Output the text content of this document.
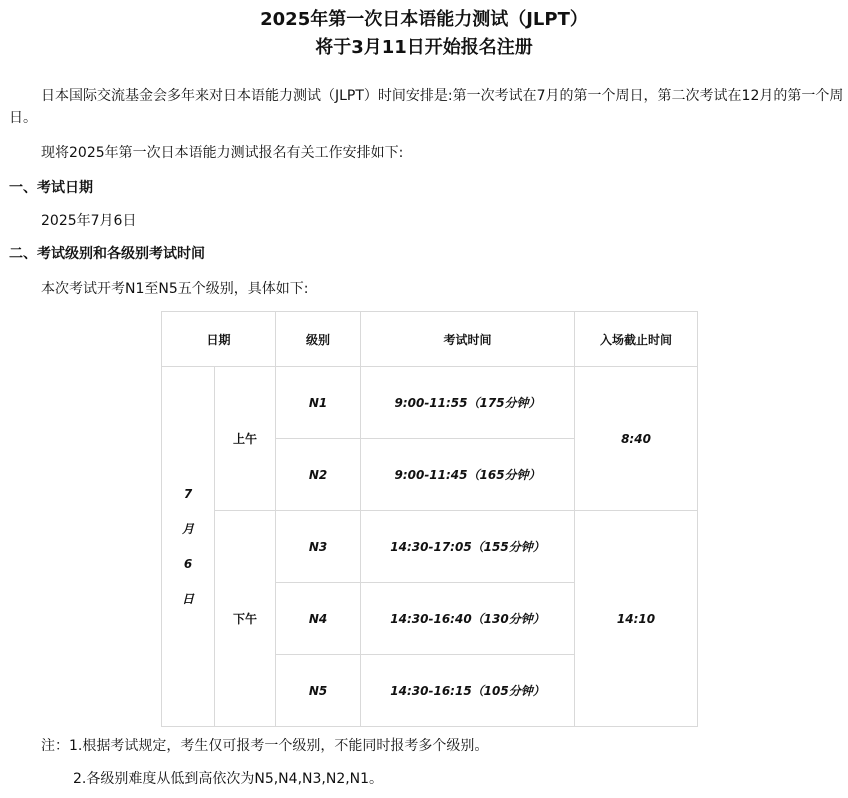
2025年第一次日本语能力测试（JLPT）
将于3月11日开始报名注册

日本国际交流基金会多年来对日本语能力测试（JLPT）时间安排是:第一次考试在7月的第一个周日，第二次考试在12月的第一个周日。

现将2025年第一次日本语能力测试报名有关工作安排如下:

一、考试日期

2025年7月6日

二、考试级别和各级别考试时间

本次考试开考N1至N5五个级别，具体如下:

日期		级别	考试时间	入场截止时间

7
月
6
日	上午	N1	9:00-11:55（175分钟）	8:40
		N2	9:00-11:45（165分钟）	
	下午	N3	14:30-17:05（155分钟）	14:10
		N4	14:30-16:40（130分钟）	
		N5	14:30-16:15（105分钟）	
注：1.根据考试规定，考生仅可报考一个级别，不能同时报考多个级别。
2.各级别难度从低到高依次为N5,N4,N3,N2,N1。
